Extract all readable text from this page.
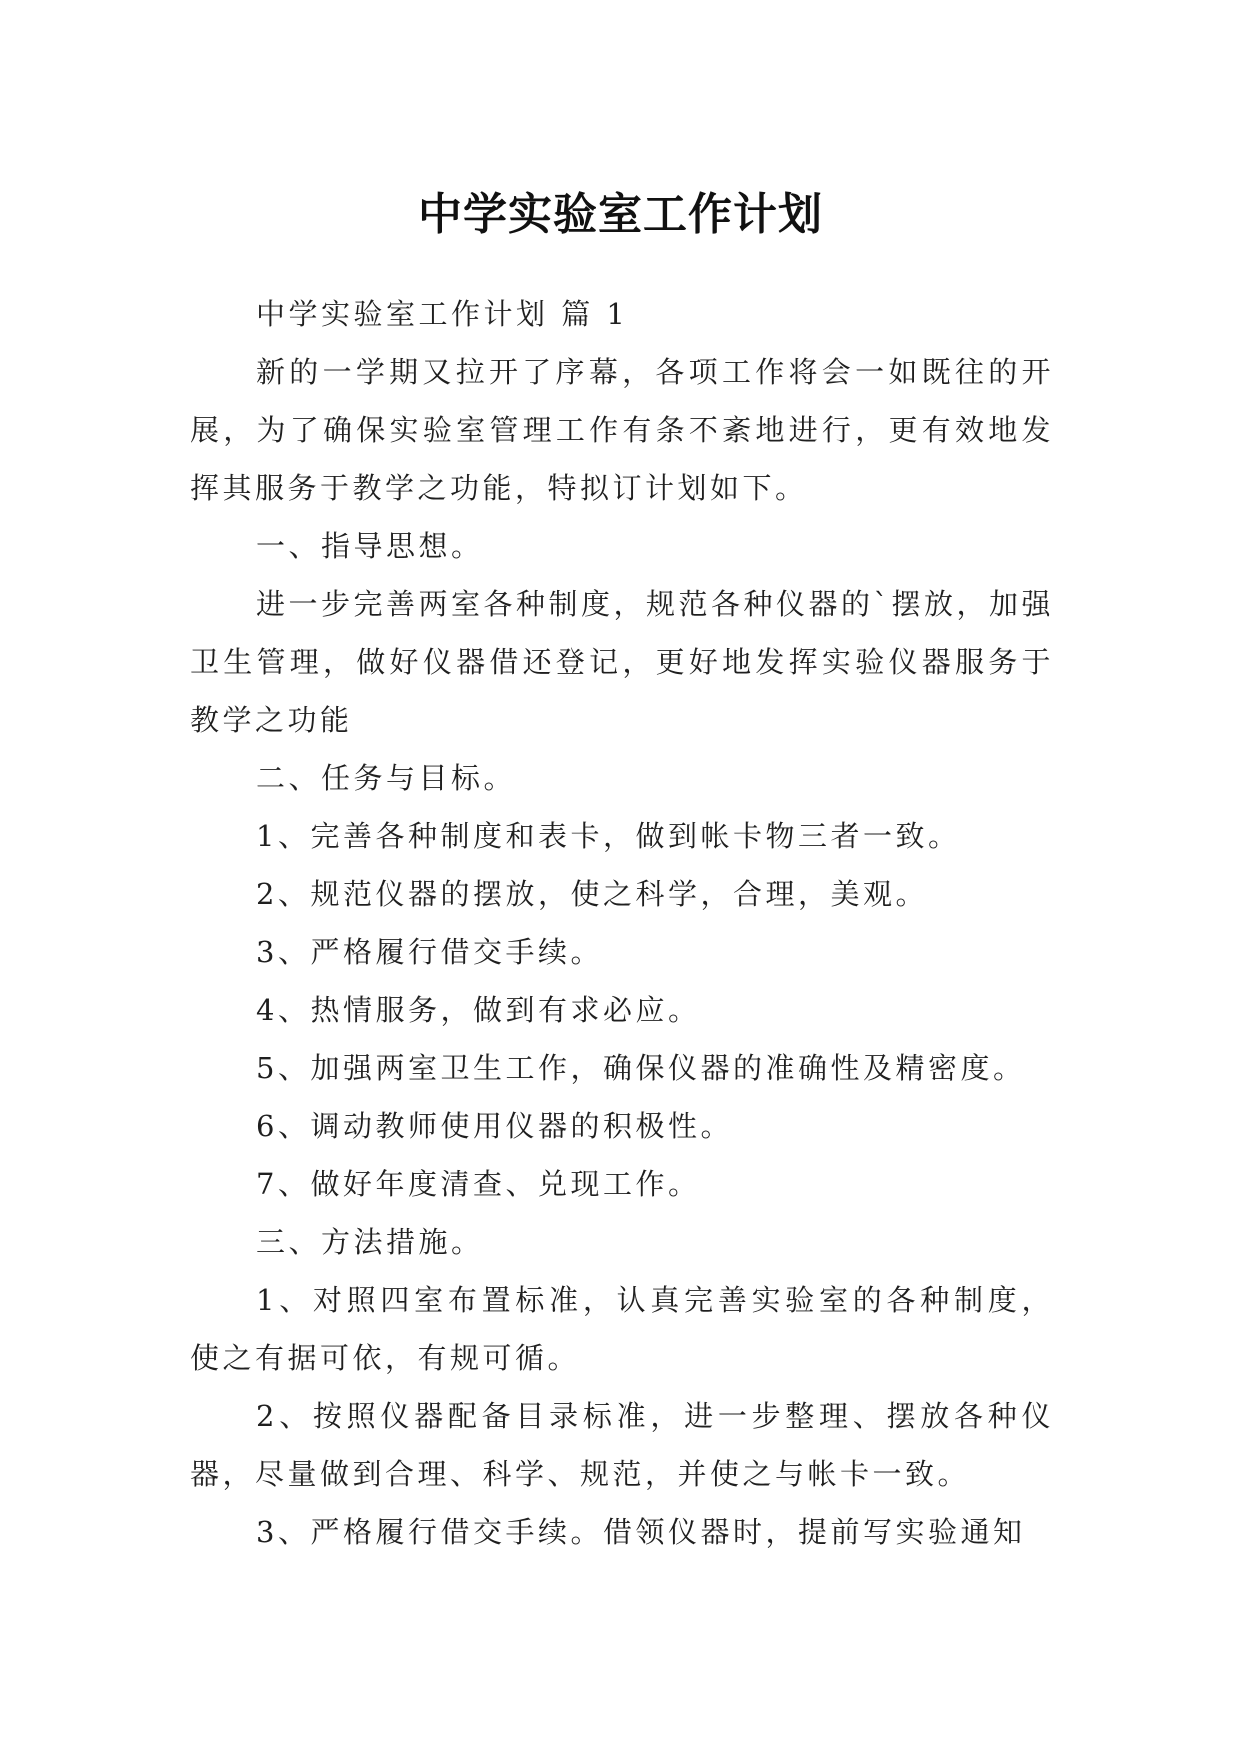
中学实验室工作计划

中学实验室工作计划 篇 1

新的一学期又拉开了序幕，各项工作将会一如既往的开展，为了确保实验室管理工作有条不紊地进行，更有效地发挥其服务于教学之功能，特拟订计划如下。

一、指导思想。

进一步完善两室各种制度，规范各种仪器的`摆放，加强卫生管理，做好仪器借还登记，更好地发挥实验仪器服务于教学之功能

二、任务与目标。

1、完善各种制度和表卡，做到帐卡物三者一致。

2、规范仪器的摆放，使之科学，合理，美观。

3、严格履行借交手续。

4、热情服务，做到有求必应。

5、加强两室卫生工作，确保仪器的准确性及精密度。

6、调动教师使用仪器的积极性。

7、做好年度清查、兑现工作。

三、方法措施。

1、对照四室布置标准，认真完善实验室的各种制度，使之有据可依，有规可循。

2、按照仪器配备目录标准，进一步整理、摆放各种仪器，尽量做到合理、科学、规范，并使之与帐卡一致。

3、严格履行借交手续。借领仪器时，提前写实验通知
